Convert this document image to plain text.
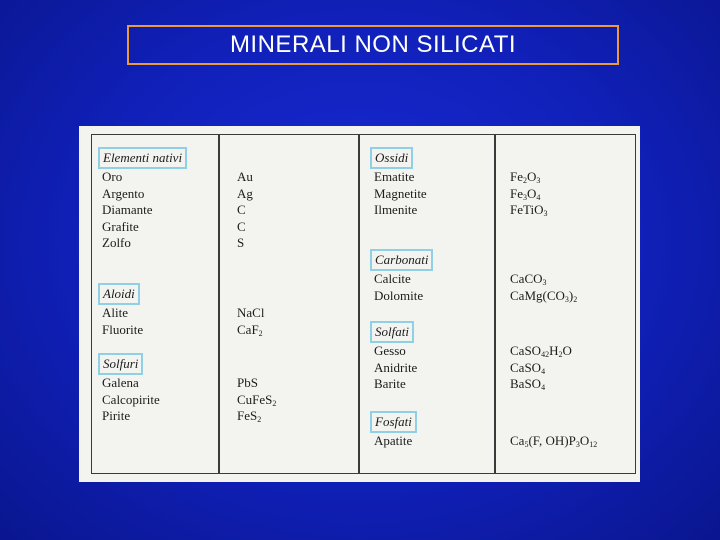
MINERALI NON SILICATI
Elementi nativi
Oro	Au
Argento	Ag
Diamante	C
Grafite	C
Zolfo	S
Aloidi
Alite	NaCl
Fluorite	CaF$_2$
Solfuri
Galena	PbS
Calcopirite	CuFeS$_2$
Pirite	FeS$_2$
Ossidi
Ematite	$Fe_2O_3$
Magnetite	$Fe_3O_4$
Ilmenite	FeTiO$_3$
Carbonati
Calcite	CaCO$_3$
Dolomite	$CaMg(CO_3)_2$
Solfati
Gesso	$CaSO_{42}H_2O$
Anidrite	CaSO$_4$
Barite	BaSO$_4$
Fosfati
Apatite	$Ca_5(F$, $OH)P_3O_{12}$
